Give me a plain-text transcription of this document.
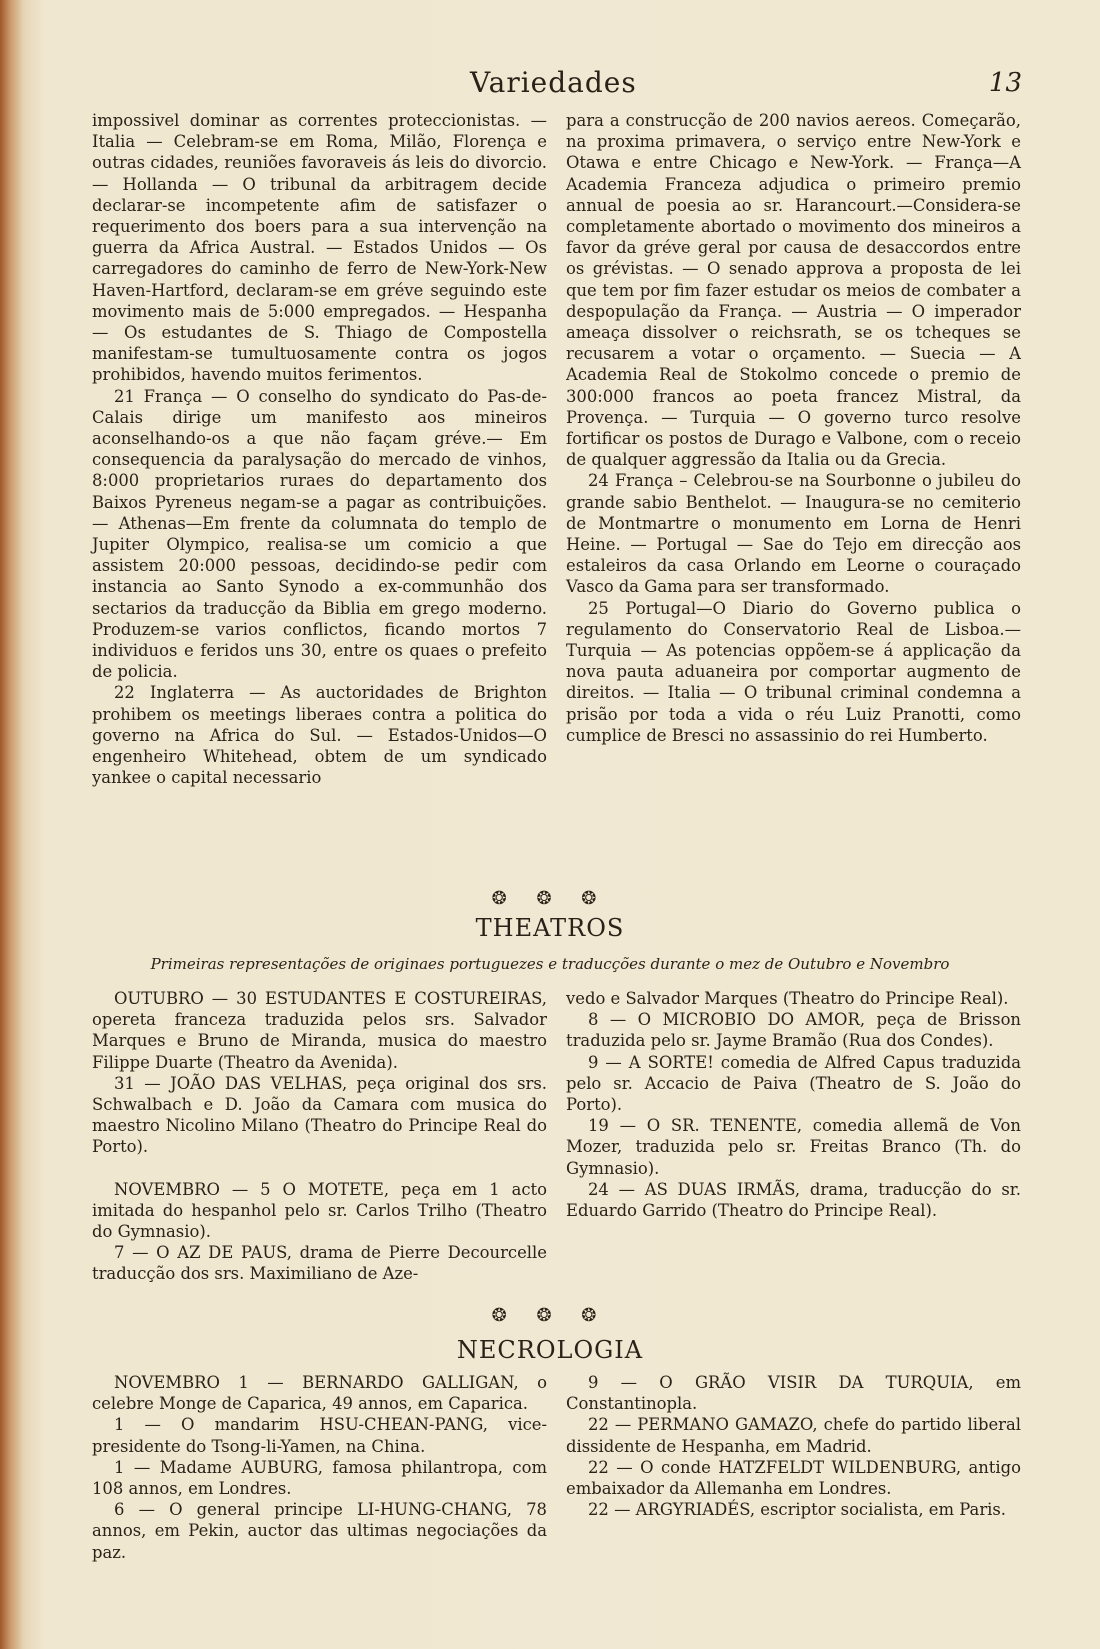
Variedades	13

impossivel dominar as correntes proteccionistas. — Italia — Celebram-se em Roma, Milão, Florença e outras cidades, reuniões favoraveis ás leis do divorcio. — Hollanda — O tribunal da arbitragem decide declarar-se incompetente afim de satisfazer o requerimento dos boers para a sua intervenção na guerra da Africa Austral. — Estados Unidos — Os carregadores do caminho de ferro de New-York-New Haven-Hartford, declaram-se em gréve seguindo este movimento mais de 5:000 empregados. — Hespanha — Os estudantes de S. Thiago de Compostella manifestam-se tumultuosamente contra os jogos prohibidos, havendo muitos ferimentos.

21 França — O conselho do syndicato do Pas-de-Calais dirige um manifesto aos mineiros aconselhando-os a que não façam gréve.— Em consequencia da paralysação do mercado de vinhos, 8:000 proprietarios ruraes do departamento dos Baixos Pyreneus negam-se a pagar as contribuições. — Athenas—Em frente da columnata do templo de Jupiter Olympico, realisa-se um comicio a que assistem 20:000 pessoas, decidindo-se pedir com instancia ao Santo Synodo a ex-communhão dos sectarios da traducção da Biblia em grego moderno. Produzem-se varios conflictos, ficando mortos 7 individuos e feridos uns 30, entre os quaes o prefeito de policia.

22 Inglaterra — As auctoridades de Brighton prohibem os meetings liberaes contra a politica do governo na Africa do Sul. — Estados-Unidos—O engenheiro Whitehead, obtem de um syndicado yankee o capital necessario

para a construcção de 200 navios aereos. Começarão, na proxima primavera, o serviço entre New-York e Otawa e entre Chicago e New-York. — França—A Academia Franceza adjudica o primeiro premio annual de poesia ao sr. Harancourt.—Considera-se completamente abortado o movimento dos mineiros a favor da gréve geral por causa de desaccordos entre os grévistas. — O senado approva a proposta de lei que tem por fim fazer estudar os meios de combater a despopulação da França. — Austria — O imperador ameaça dissolver o reichsrath, se os tcheques se recusarem a votar o orçamento. — Suecia — A Academia Real de Stokolmo concede o premio de 300:000 francos ao poeta francez Mistral, da Provença. — Turquia — O governo turco resolve fortificar os postos de Durago e Valbone, com o receio de qualquer aggressão da Italia ou da Grecia.

24 França – Celebrou-se na Sourbonne o jubileu do grande sabio Benthelot. — Inaugura-se no cemiterio de Montmartre o monumento em Lorna de Henri Heine. — Portugal — Sae do Tejo em direcção aos estaleiros da casa Orlando em Leorne o couraçado Vasco da Gama para ser transformado.

25 Portugal—O Diario do Governo publica o regulamento do Conservatorio Real de Lisboa.— Turquia — As potencias oppõem-se á applicação da nova pauta aduaneira por comportar augmento de direitos. — Italia — O tribunal criminal condemna a prisão por toda a vida o réu Luiz Pranotti, como cumplice de Bresci no assassinio do rei Humberto.

❂ ❂ ❂
THEATROS
Primeiras representações de originaes portuguezes e traducções durante o mez de Outubro e Novembro

OUTUBRO — 30 ESTUDANTES E COSTUREIRAS, opereta franceza traduzida pelos srs. Salvador Marques e Bruno de Miranda, musica do maestro Filippe Duarte (Theatro da Avenida).

31 — JOÃO DAS VELHAS, peça original dos srs. Schwalbach e D. João da Camara com musica do maestro Nicolino Milano (Theatro do Principe Real do Porto).

NOVEMBRO — 5 O MOTETE, peça em 1 acto imitada do hespanhol pelo sr. Carlos Trilho (Theatro do Gymnasio).

7 — O AZ DE PAUS, drama de Pierre Decourcelle traducção dos srs. Maximiliano de Aze-

vedo e Salvador Marques (Theatro do Principe Real).

8 — O MICROBIO DO AMOR, peça de Brisson traduzida pelo sr. Jayme Bramão (Rua dos Condes).

9 — A SORTE! comedia de Alfred Capus traduzida pelo sr. Accacio de Paiva (Theatro de S. João do Porto).

19 — O SR. TENENTE, comedia allemã de Von Mozer, traduzida pelo sr. Freitas Branco (Th. do Gymnasio).

24 — AS DUAS IRMÃS, drama, traducção do sr. Eduardo Garrido (Theatro do Principe Real).

❂ ❂ ❂
NECROLOGIA

NOVEMBRO 1 — BERNARDO GALLIGAN, o celebre Monge de Caparica, 49 annos, em Caparica.

1 — O mandarim HSU-CHEAN-PANG, vice-presidente do Tsong-li-Yamen, na China.

1 — Madame AUBURG, famosa philantropa, com 108 annos, em Londres.

6 — O general principe LI-HUNG-CHANG, 78 annos, em Pekin, auctor das ultimas negociações da paz.

9 — O GRÃO VISIR DA TURQUIA, em Constantinopla.

22 — PERMANO GAMAZO, chefe do partido liberal dissidente de Hespanha, em Madrid.

22 — O conde HATZFELDT WILDENBURG, antigo embaixador da Allemanha em Londres.

22 — ARGYRIADÉS, escriptor socialista, em Paris.
